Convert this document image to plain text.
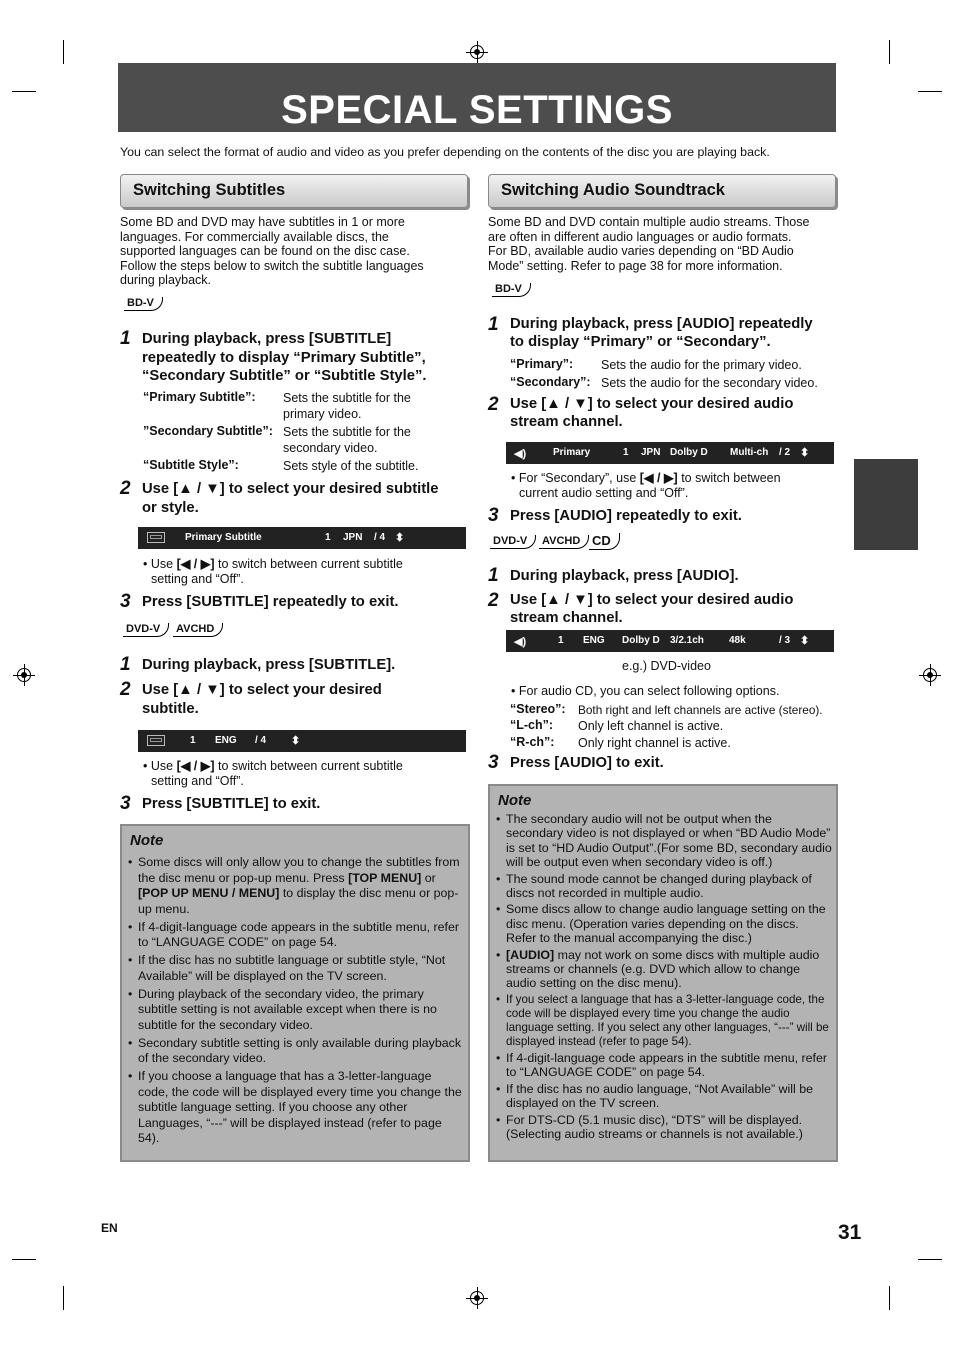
SPECIAL SETTINGS
You can select the format of audio and video as you prefer depending on the contents of the disc you are playing back.
Switching Subtitles
Some BD and DVD may have subtitles in 1 or more
languages. For commercially available discs, the
supported languages can be found on the disc case.
Follow the steps below to switch the subtitle languages
during playback.
BD-V
1 During playback, press [SUBTITLE]
repeatedly to display “Primary Subtitle”,
“Secondary Subtitle” or “Subtitle Style”.
“Primary Subtitle”: Sets the subtitle for the
primary video.
”Secondary Subtitle”: Sets the subtitle for the
secondary video.
“Subtitle Style”:	Sets style of the subtitle.
2 Use [▲ / ▼] to select your desired subtitle
or style.
Primary Subtitle	1 JPN / 4 ⬍
• Use [◀ / ▶] to switch between current subtitle
setting and “Off”.
3 Press [SUBTITLE] repeatedly to exit.
DVD-V	AVCHD
1 During playback, press [SUBTITLE].
2 Use [▲ / ▼] to select your desired
subtitle.
1 ENG / 4 ⬍
• Use [◀ / ▶] to switch between current subtitle
setting and “Off”.
3 Press [SUBTITLE] to exit.
Note
• Some discs will only allow you to change the subtitles from the disc menu or pop-up menu. Press [TOP MENU] or [POP UP MENU / MENU] to display the disc menu or pop-up menu.
• If 4-digit-language code appears in the subtitle menu, refer to “LANGUAGE CODE” on page 54.
• If the disc has no subtitle language or subtitle style, “Not Available” will be displayed on the TV screen.
• During playback of the secondary video, the primary subtitle setting is not available except when there is no subtitle for the secondary video.
• Secondary subtitle setting is only available during playback of the secondary video.
• If you choose a language that has a 3-letter-language code, the code will be displayed every time you change the subtitle language setting. If you choose any other Languages, “---” will be displayed instead (refer to page 54).
Switching Audio Soundtrack
Some BD and DVD contain multiple audio streams. Those
are often in different audio languages or audio formats.
For BD, available audio varies depending on “BD Audio
Mode” setting. Refer to page 38 for more information.
BD-V
1 During playback, press [AUDIO] repeatedly
to display “Primary” or “Secondary”.
“Primary”: Sets the audio for the primary video.
“Secondary”: Sets the audio for the secondary video.
2 Use [▲ / ▼] to select your desired audio
stream channel.
◀)	Primary	1 JPN Dolby D Multi-ch / 2 ⬍
• For “Secondary”, use [◀ / ▶] to switch between
current audio setting and “Off”.
3 Press [AUDIO] repeatedly to exit.
DVD-V	AVCHD CD
1 During playback, press [AUDIO].
2 Use [▲ / ▼] to select your desired audio
stream channel.
◀)	1 ENG Dolby D 3/2.1ch	48k	/ 3 ⬍
e.g.) DVD-video
• For audio CD, you can select following options.
“Stereo”: Both right and left channels are active (stereo).
“L-ch”: Only left channel is active.
“R-ch”: Only right channel is active.
3 Press [AUDIO] to exit.
Note
• The secondary audio will not be output when the secondary video is not displayed or when “BD Audio Mode” is set to “HD Audio Output”.(For some BD, secondary audio will be output even when secondary video is off.)
• The sound mode cannot be changed during playback of discs not recorded in multiple audio.
• Some discs allow to change audio language setting on the disc menu. (Operation varies depending on the discs. Refer to the manual accompanying the disc.)
• [AUDIO] may not work on some discs with multiple audio streams or channels (e.g. DVD which allow to change audio setting on the disc menu).
• If you select a language that has a 3-letter-language code, the code will be displayed every time you change the audio language setting. If you select any other languages, “---” will be displayed instead (refer to page 54).
• If 4-digit-language code appears in the subtitle menu, refer to “LANGUAGE CODE” on page 54.
• If the disc has no audio language, “Not Available” will be displayed on the TV screen.
• For DTS-CD (5.1 music disc), “DTS” will be displayed. (Selecting audio streams or channels is not available.)
EN	31
